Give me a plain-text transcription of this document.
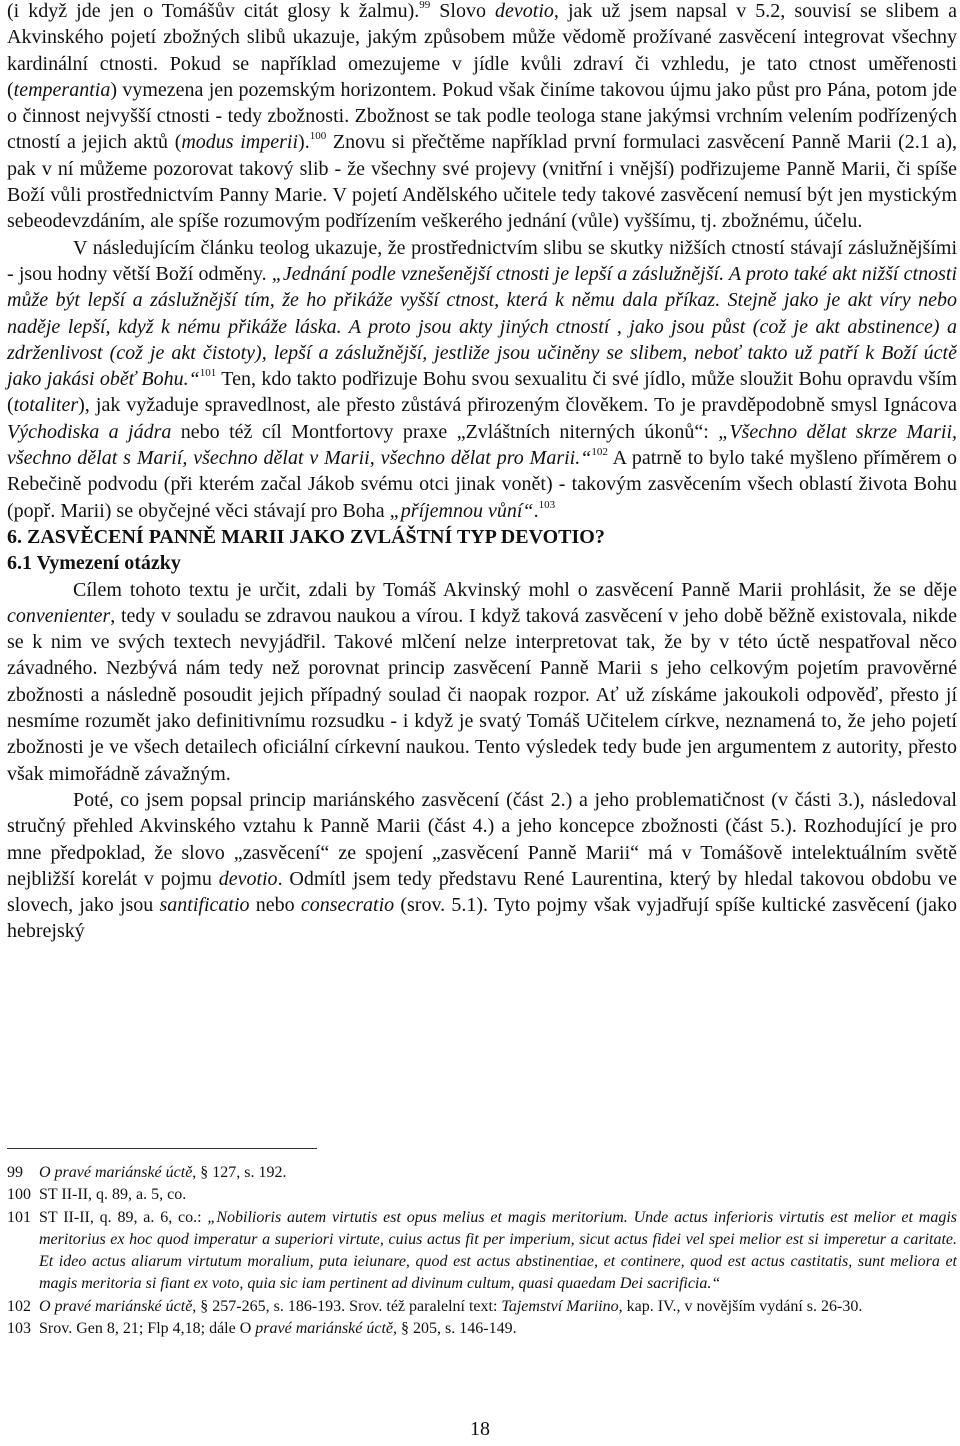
(i když jde jen o Tomášův citát glosy k žalmu).$^{99}$ Slovo devotio, jak už jsem napsal v 5.2, souvisí se slibem a Akvinského pojetí zbožných slibů ukazuje, jakým způsobem může vědomě prožívané zasvěcení integrovat všechny kardinální ctnosti. Pokud se například omezujeme v jídle kvůli zdraví či vzhledu, je tato ctnost uměřenosti (temperantia) vymezena jen pozemským horizontem. Pokud však činíme takovou újmu jako půst pro Pána, potom jde o činnost nejvyšší ctnosti - tedy zbožnosti. Zbožnost se tak podle teologa stane jakýmsi vrchním velením podřízených ctností a jejich aktů (modus imperii).$^{100}$ Znovu si přečtěme například první formulaci zasvěcení Panně Marii (2.1 a), pak v ní můžeme pozorovat takový slib - že všechny své projevy (vnitřní i vnější) podřizujeme Panně Marii, či spíše Boží vůli prostřednictvím Panny Marie. V pojetí Andělského učitele tedy takové zasvěcení nemusí být jen mystickým sebeodevzdáním, ale spíše rozumovým podřízením veškerého jednání (vůle) vyššímu, tj. zbožnému, účelu.

V následujícím článku teolog ukazuje, že prostřednictvím slibu se skutky nižších ctností stávají záslužnějšími - jsou hodny větší Boží odměny. „Jednání podle vznešenější ctnosti je lepší a záslužnější. A proto také akt nižší ctnosti může být lepší a záslužnější tím, že ho přikáže vyšší ctnost, která k němu dala příkaz. Stejně jako je akt víry nebo naděje lepší, když k nému přikáže láska. A proto jsou akty jiných ctností , jako jsou půst (což je akt abstinence) a zdrženlivost (což je akt čistoty), lepší a záslužnější, jestliže jsou učiněny se slibem, neboť takto už patří k Boží úctě jako jakási oběť Bohu.“$^{101}$ Ten, kdo takto podřizuje Bohu svou sexualitu či své jídlo, může sloužit Bohu opravdu vším (totaliter), jak vyžaduje spravedlnost, ale přesto zůstává přirozeným člověkem. To je pravděpodobně smysl Ignácova Východiska a jádra nebo též cíl Montfortovy praxe „Zvláštních niterných úkonů“: „Všechno dělat skrze Marii, všechno dělat s Marií, všechno dělat v Marii, všechno dělat pro Marii.“$^{102}$ A patrně to bylo také myšleno příměrem o Rebečině podvodu (při kterém začal Jákob svému otci jinak vonět) - takovým zasvěcením všech oblastí života Bohu (popř. Marii) se obyčejné věci stávají pro Boha „příjemnou vůní“.$^{103}$

6. ZASVĚCENÍ PANNĚ MARII JAKO ZVLÁŠTNÍ TYP DEVOTIO?
6.1 Vymezení otázky

Cílem tohoto textu je určit, zdali by Tomáš Akvinský mohl o zasvěcení Panně Marii prohlásit, že se děje convenienter, tedy v souladu se zdravou naukou a vírou. I když taková zasvěcení v jeho době běžně existovala, nikde se k nim ve svých textech nevyjádřil. Takové mlčení nelze interpretovat tak, že by v této úctě nespatřoval něco závadného. Nezbývá nám tedy než porovnat princip zasvěcení Panně Marii s jeho celkovým pojetím pravověrné zbožnosti a následně posoudit jejich případný soulad či naopak rozpor. Ať už získáme jakoukoli odpověď, přesto jí nesmíme rozumět jako definitivnímu rozsudku - i když je svatý Tomáš Učitelem církve, neznamená to, že jeho pojetí zbožnosti je ve všech detailech oficiální církevní naukou. Tento výsledek tedy bude jen argumentem z autority, přesto však mimořádně závažným.

Poté, co jsem popsal princip mariánského zasvěcení (část 2.) a jeho problematičnost (v části 3.), následoval stručný přehled Akvinského vztahu k Panně Marii (část 4.) a jeho koncepce zbožnosti (část 5.). Rozhodující je pro mne předpoklad, že slovo „zasvěcení“ ze spojení „zasvěcení Panně Marii“ má v Tomášově intelektuálním světě nejbližší korelát v pojmu devotio. Odmítl jsem tedy představu René Laurentina, který by hledal takovou obdobu ve slovech, jako jsou santificatio nebo consecratio (srov. 5.1). Tyto pojmy však vyjadřují spíše kultické zasvěcení (jako hebrejský

99	O pravé mariánské úctě, § 127, s. 192.
100 ST II-II, q. 89, a. 5, co.
101 ST II-II, q. 89, a. 6, co.: „Nobilioris autem virtutis est opus melius et magis meritorium. Unde actus inferioris virtutis est melior et magis meritorius ex hoc quod imperatur a superiori virtute, cuius actus fit per imperium, sicut actus fidei vel spei melior est si imperetur a caritate. Et ideo actus aliarum virtutum moralium, puta ieiunare, quod est actus abstinentiae, et continere, quod est actus castitatis, sunt meliora et magis meritoria si fiant ex voto, quia sic iam pertinent ad divinum cultum, quasi quaedam Dei sacrificia.“
102 O pravé mariánské úctě, § 257-265, s. 186-193. Srov. též paralelní text: Tajemství Mariino, kap. IV., v novějším vydání s. 26-30.
103 Srov. Gen 8, 21; Flp 4,18; dále O pravé mariánské úctě, § 205, s. 146-149.
18
